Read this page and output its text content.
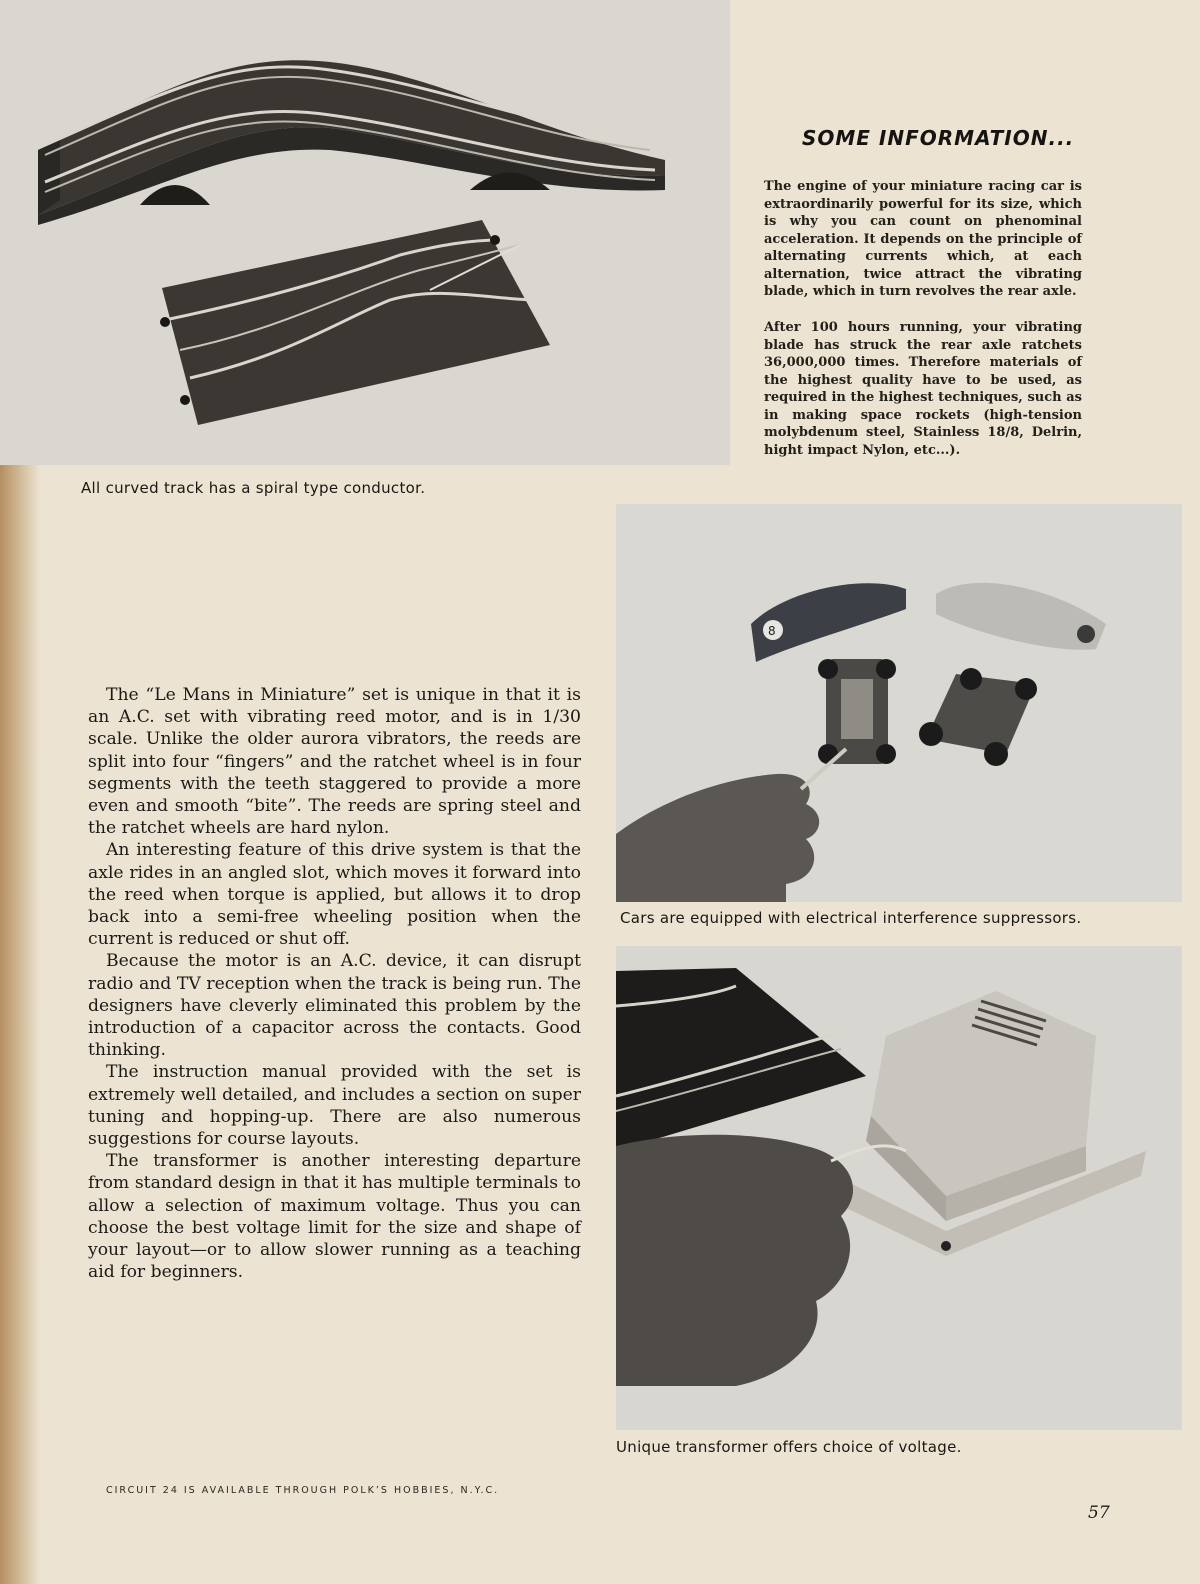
All curved track has a spiral type conductor.
SOME INFORMATION...

The engine of your miniature racing car is extraordinarily powerful for its size, which is why you can count on phenominal acceleration. It depends on the principle of alternating currents which, at each alternation, twice attract the vibrating blade, which in turn revolves the rear axle.

After 100 hours running, your vibrating blade has struck the rear axle ratchets 36,000,000 times. Therefore materials of the highest quality have to be used, as required in the highest techniques, such as in making space rockets (high-tension molybdenum steel, Stainless 18/8, Delrin, hight impact Nylon, etc...).

8
Cars are equipped with electrical interference suppressors.
Unique transformer offers choice of voltage.

The “Le Mans in Miniature” set is unique in that it is an A.C. set with vibrating reed motor, and is in 1/30 scale. Unlike the older aurora vibrators, the reeds are split into four “fingers” and the ratchet wheel is in four segments with the teeth staggered to provide a more even and smooth “bite”. The reeds are spring steel and the ratchet wheels are hard nylon.

An interesting feature of this drive system is that the axle rides in an angled slot, which moves it forward into the reed when torque is applied, but allows it to drop back into a semi-free wheeling position when the current is reduced or shut off.

Because the motor is an A.C. device, it can disrupt radio and TV reception when the track is being run. The designers have cleverly eliminated this problem by the introduction of a capacitor across the contacts. Good thinking.

The instruction manual provided with the set is extremely well detailed, and includes a section on super tuning and hopping-up. There are also numerous suggestions for course layouts.

The transformer is another interesting departure from standard design in that it has multiple terminals to allow a selection of maximum voltage. Thus you can choose the best voltage limit for the size and shape of your layout—or to allow slower running as a teaching aid for beginners.

CIRCUIT 24 IS AVAILABLE THROUGH POLK’S HOBBIES, N.Y.C.
57
